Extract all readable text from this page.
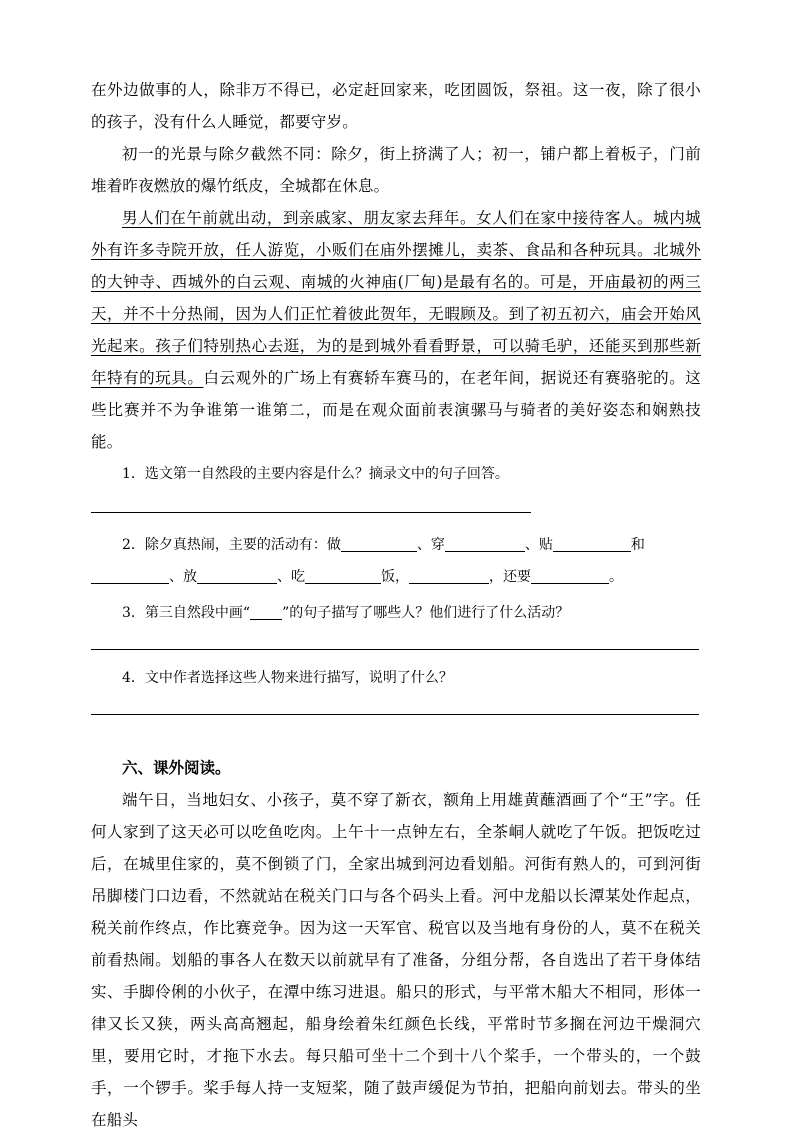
在外边做事的人，除非万不得已，必定赶回家来，吃团圆饭，祭祖。这一夜，除了很小的孩子，没有什么人睡觉，都要守岁。

初一的光景与除夕截然不同：除夕，街上挤满了人；初一，铺户都上着板子，门前堆着昨夜燃放的爆竹纸皮，全城都在休息。

男人们在午前就出动，到亲戚家、朋友家去拜年。女人们在家中接待客人。城内城外有许多寺院开放，任人游览，小贩们在庙外摆摊儿，卖茶、食品和各种玩具。北城外的大钟寺、西城外的白云观、南城的火神庙(厂甸)是最有名的。可是，开庙最初的两三天，并不十分热闹，因为人们正忙着彼此贺年，无暇顾及。到了初五初六，庙会开始风光起来。孩子们特别热心去逛，为的是到城外看看野景，可以骑毛驴，还能买到那些新年特有的玩具。白云观外的广场上有赛轿车赛马的，在老年间，据说还有赛骆驼的。这些比赛并不为争谁第一谁第二，而是在观众面前表演骡马与骑者的美好姿态和娴熟技能。

1．选文第一自然段的主要内容是什么？摘录文中的句子回答。

2．除夕真热闹，主要的活动有：做	、穿	、贴	和

、放	、吃	饭，	，还要	。

3．第三自然段中画“ ”的句子描写了哪些人？他们进行了什么活动？

4．文中作者选择这些人物来进行描写，说明了什么？

六、课外阅读。

端午日，当地妇女、小孩子，莫不穿了新衣，额角上用雄黄蘸酒画了个“王”字。任何人家到了这天必可以吃鱼吃肉。上午十一点钟左右，全茶峒人就吃了午饭。把饭吃过后，在城里住家的，莫不倒锁了门，全家出城到河边看划船。河街有熟人的，可到河街吊脚楼门口边看，不然就站在税关门口与各个码头上看。河中龙船以长潭某处作起点，税关前作终点，作比赛竞争。因为这一天军官、税官以及当地有身份的人，莫不在税关前看热闹。划船的事各人在数天以前就早有了准备，分组分帮，各自选出了若干身体结实、手脚伶俐的小伙子，在潭中练习进退。船只的形式，与平常木船大不相同，形体一律又长又狭，两头高高翘起，船身绘着朱红颜色长线，平常时节多搁在河边干燥洞穴里，要用它时，才拖下水去。每只船可坐十二个到十八个桨手，一个带头的，一个鼓手，一个锣手。桨手每人持一支短桨，随了鼓声缓促为节拍，把船向前划去。带头的坐在船头
